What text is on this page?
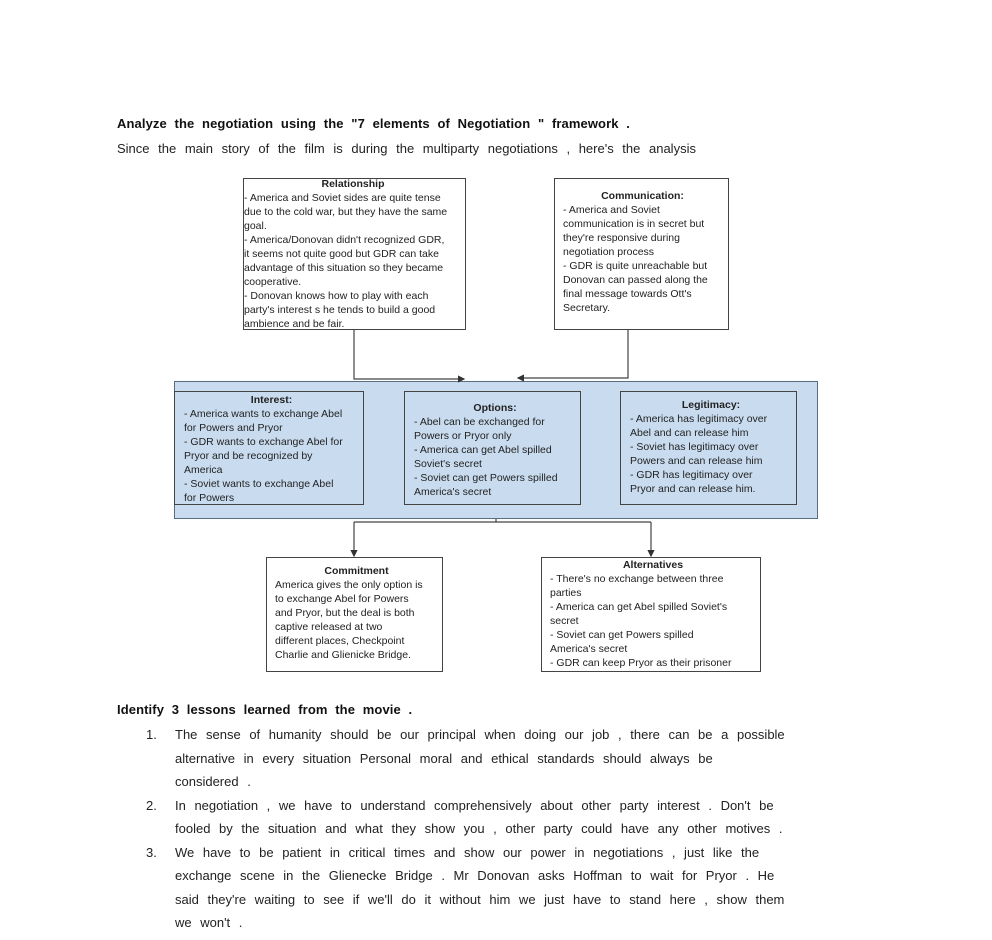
Analyze the negotiation using the "7 elements of Negotiation " framework .
Since the main story of the film is during the multiparty negotiations , here's the analysis
Relationship
- America and Soviet sides are quite tense
due to the cold war, but they have the same
goal.
- America/Donovan didn't recognized GDR,
it seems not quite good but GDR can take
advantage of this situation so they became
cooperative.
- Donovan knows how to play with each
party's interest s he tends to build a good
ambience and be fair.
Communication:
- America and Soviet
communication is in secret but
they're responsive during
negotiation process
- GDR is quite unreachable but
Donovan can passed along the
final message towards Ott's
Secretary.
Interest:
- America wants to exchange Abel
for Powers and Pryor
- GDR wants to exchange Abel for
Pryor and be recognized by
America
- Soviet wants to exchange Abel
for Powers
Options:
- Abel can be exchanged for
Powers or Pryor only
- America can get Abel spilled
Soviet's secret
- Soviet can get Powers spilled
America's secret
Legitimacy:
- America has legitimacy over
Abel and can release him
- Soviet has legitimacy over
Powers and can release him
- GDR has legitimacy over
Pryor and can release him.
Commitment
America gives the only option is
to exchange Abel for Powers
and Pryor, but the deal is both
captive released at two
different places, Checkpoint
Charlie and Glienicke Bridge.
Alternatives
- There's no exchange between three
parties
- America can get Abel spilled Soviet's
secret
- Soviet can get Powers spilled
America's secret
- GDR can keep Pryor as their prisoner
Identify 3 lessons learned from the movie .
1. The sense of humanity should be our principal when doing our job , there can be a possible
alternative in every situation Personal moral and ethical standards should always be
considered .
2. In negotiation , we have to understand comprehensively about other party interest . Don't be
fooled by the situation and what they show you , other party could have any other motives .
3. We have to be patient in critical times and show our power in negotiations , just like the
exchange scene in the Glienecke Bridge . Mr Donovan asks Hoffman to wait for Pryor . He
said they're waiting to see if we'll do it without him we just have to stand here , show them
we won't .
